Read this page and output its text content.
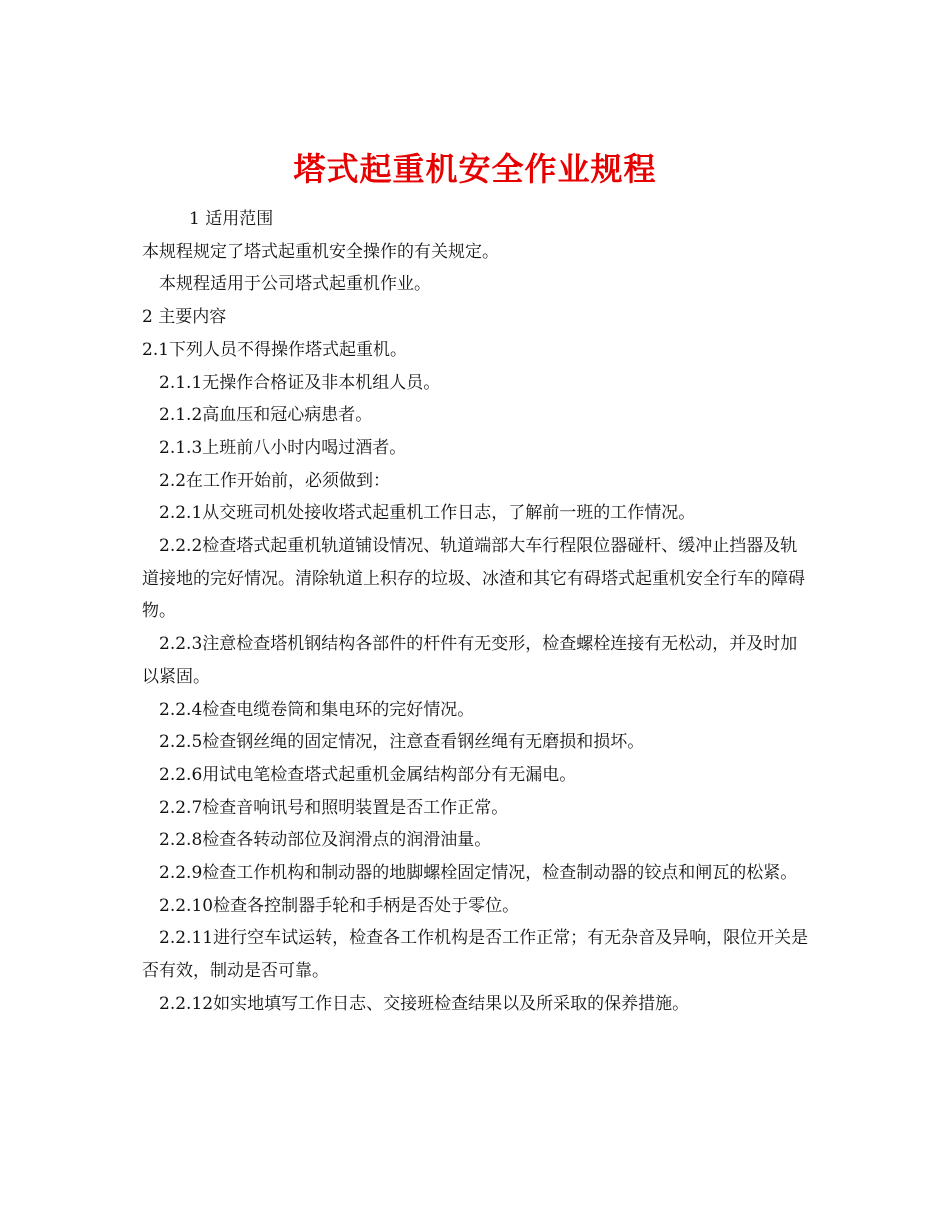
塔式起重机安全作业规程

1 适用范围

本规程规定了塔式起重机安全操作的有关规定。

本规程适用于公司塔式起重机作业。

2 主要内容

2.1下列人员不得操作塔式起重机。

2.1.1无操作合格证及非本机组人员。

2.1.2高血压和冠心病患者。

2.1.3上班前八小时内喝过酒者。

2.2在工作开始前，必须做到：

2.2.1从交班司机处接收塔式起重机工作日志，了解前一班的工作情况。

2.2.2检查塔式起重机轨道铺设情况、轨道端部大车行程限位器碰杆、缓冲止挡器及轨道接地的完好情况。清除轨道上积存的垃圾、冰渣和其它有碍塔式起重机安全行车的障碍物。

2.2.3注意检查塔机钢结构各部件的杆件有无变形，检查螺栓连接有无松动，并及时加以紧固。

2.2.4检查电缆卷筒和集电环的完好情况。

2.2.5检查钢丝绳的固定情况，注意查看钢丝绳有无磨损和损坏。

2.2.6用试电笔检查塔式起重机金属结构部分有无漏电。

2.2.7检查音响讯号和照明装置是否工作正常。

2.2.8检查各转动部位及润滑点的润滑油量。

2.2.9检查工作机构和制动器的地脚螺栓固定情况，检查制动器的铰点和闸瓦的松紧。

2.2.10检查各控制器手轮和手柄是否处于零位。

2.2.11进行空车试运转，检查各工作机构是否工作正常；有无杂音及异响，限位开关是否有效，制动是否可靠。

2.2.12如实地填写工作日志、交接班检查结果以及所采取的保养措施。
